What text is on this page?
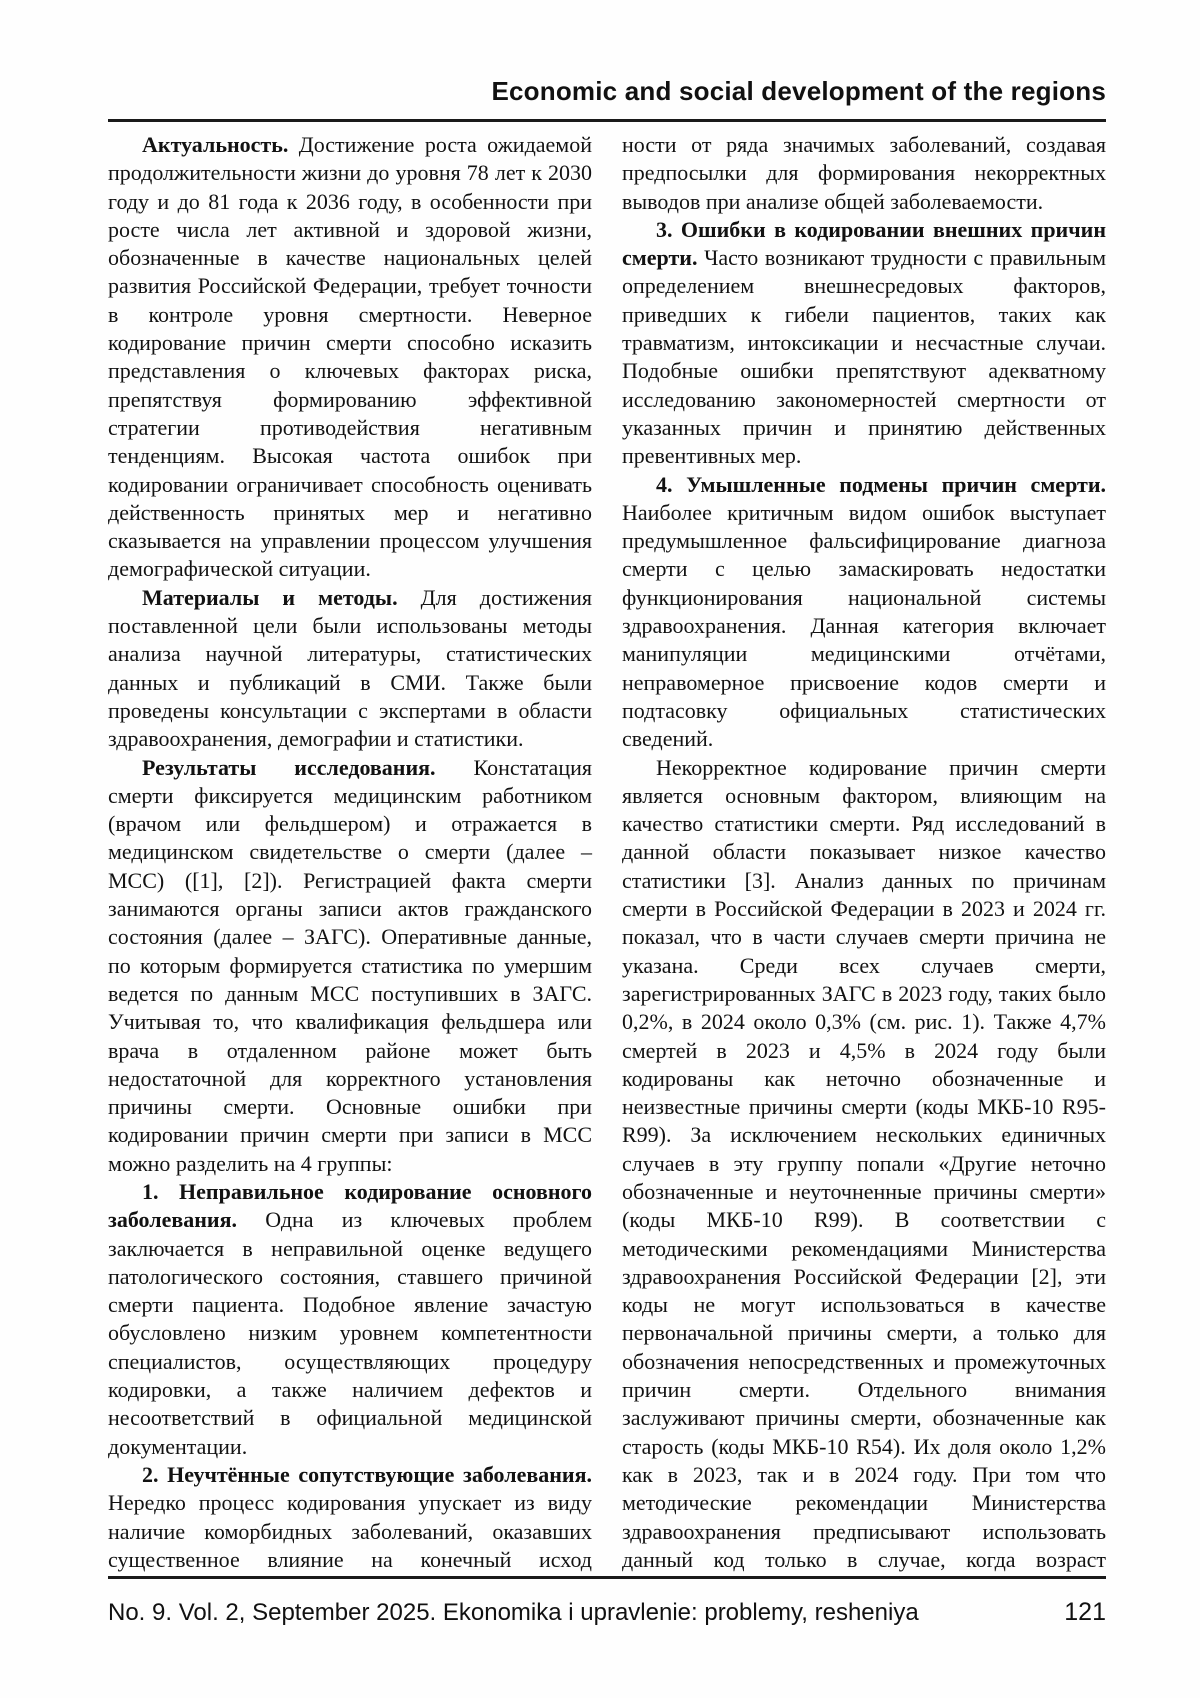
Economic and social development of the regions

Актуальность. Достижение роста ожидаемой продолжительности жизни до уровня 78 лет к 2030 году и до 81 года к 2036 году, в особенности при росте числа лет активной и здоровой жизни, обозначенные в качестве национальных целей развития Российской Федерации, требует точности в контроле уровня смертности. Неверное кодирование причин смерти способно исказить представления о ключевых факторах риска, препятствуя формированию эффективной стратегии противодействия негативным тенденциям. Высокая частота ошибок при кодировании ограничивает способность оценивать действенность принятых мер и негативно сказывается на управлении процессом улучшения демографической ситуации.

Материалы и методы. Для достижения поставленной цели были использованы методы анализа научной литературы, статистических данных и публикаций в СМИ. Также были проведены консультации с экспертами в области здравоохранения, демографии и статистики.

Результаты исследования. Констатация смерти фиксируется медицинским работником (врачом или фельдшером) и отражается в медицинском свидетельстве о смерти (далее – МСС) ([1], [2]). Регистрацией факта смерти занимаются органы записи актов гражданского состояния (далее – ЗАГС). Оперативные данные, по которым формируется статистика по умершим ведется по данным МСС поступивших в ЗАГС. Учитывая то, что квалификация фельдшера или врача в отдаленном районе может быть недостаточной для корректного установления причины смерти. Основные ошибки при кодировании причин смерти при записи в МСС можно разделить на 4 группы:

1. Неправильное кодирование основного заболевания. Одна из ключевых проблем заключается в неправильной оценке ведущего патологического состояния, ставшего причиной смерти пациента. Подобное явление зачастую обусловлено низким уровнем компетентности специалистов, осуществляющих процедуру кодировки, а также наличием дефектов и несоответствий в официальной медицинской документации.

2. Неучтённые сопутствующие заболевания. Нередко процесс кодирования упускает из виду наличие коморбидных заболеваний, оказавших существенное влияние на конечный исход

ности от ряда значимых заболеваний, создавая предпосылки для формирования некорректных выводов при анализе общей заболеваемости.

3. Ошибки в кодировании внешних причин смерти. Часто возникают трудности с правильным определением внешнесредовых факторов, приведших к гибели пациентов, таких как травматизм, интоксикации и несчастные случаи. Подобные ошибки препятствуют адекватному исследованию закономерностей смертности от указанных причин и принятию действенных превентивных мер.

4. Умышленные подмены причин смерти. Наиболее критичным видом ошибок выступает предумышленное фальсифицирование диагноза смерти с целью замаскировать недостатки функционирования национальной системы здравоохранения. Данная категория включает манипуляции медицинскими отчётами, неправомерное присвоение кодов смерти и подтасовку официальных статистических сведений.

Некорректное кодирование причин смерти является основным фактором, влияющим на качество статистики смерти. Ряд исследований в данной области показывает низкое качество статистики [3]. Анализ данных по причинам смерти в Российской Федерации в 2023 и 2024 гг. показал, что в части случаев смерти причина не указана. Среди всех случаев смерти, зарегистрированных ЗАГС в 2023 году, таких было 0,2%, в 2024 около 0,3% (см. рис. 1). Также 4,7% смертей в 2023 и 4,5% в 2024 году были кодированы как неточно обозначенные и неизвестные причины смерти (коды МКБ-10 R95-R99). За исключением нескольких единичных случаев в эту группу попали «Другие неточно обозначенные и неуточненные причины смерти» (коды МКБ-10 R99). В соответствии с методическими рекомендациями Министерства здравоохранения Российской Федерации [2], эти коды не могут использоваться в качестве первоначальной причины смерти, а только для обозначения непосредственных и промежуточных причин смерти. Отдельного внимания заслуживают причины смерти, обозначенные как старость (коды МКБ-10 R54). Их доля около 1,2% как в 2023, так и в 2024 году. При том что методические рекомендации Министерства здравоохранения предписывают использовать данный код только в случае, когда возраст

No. 9. Vol. 2, September 2025. Ekonomika i upravlenie: problemy, resheniya	121
